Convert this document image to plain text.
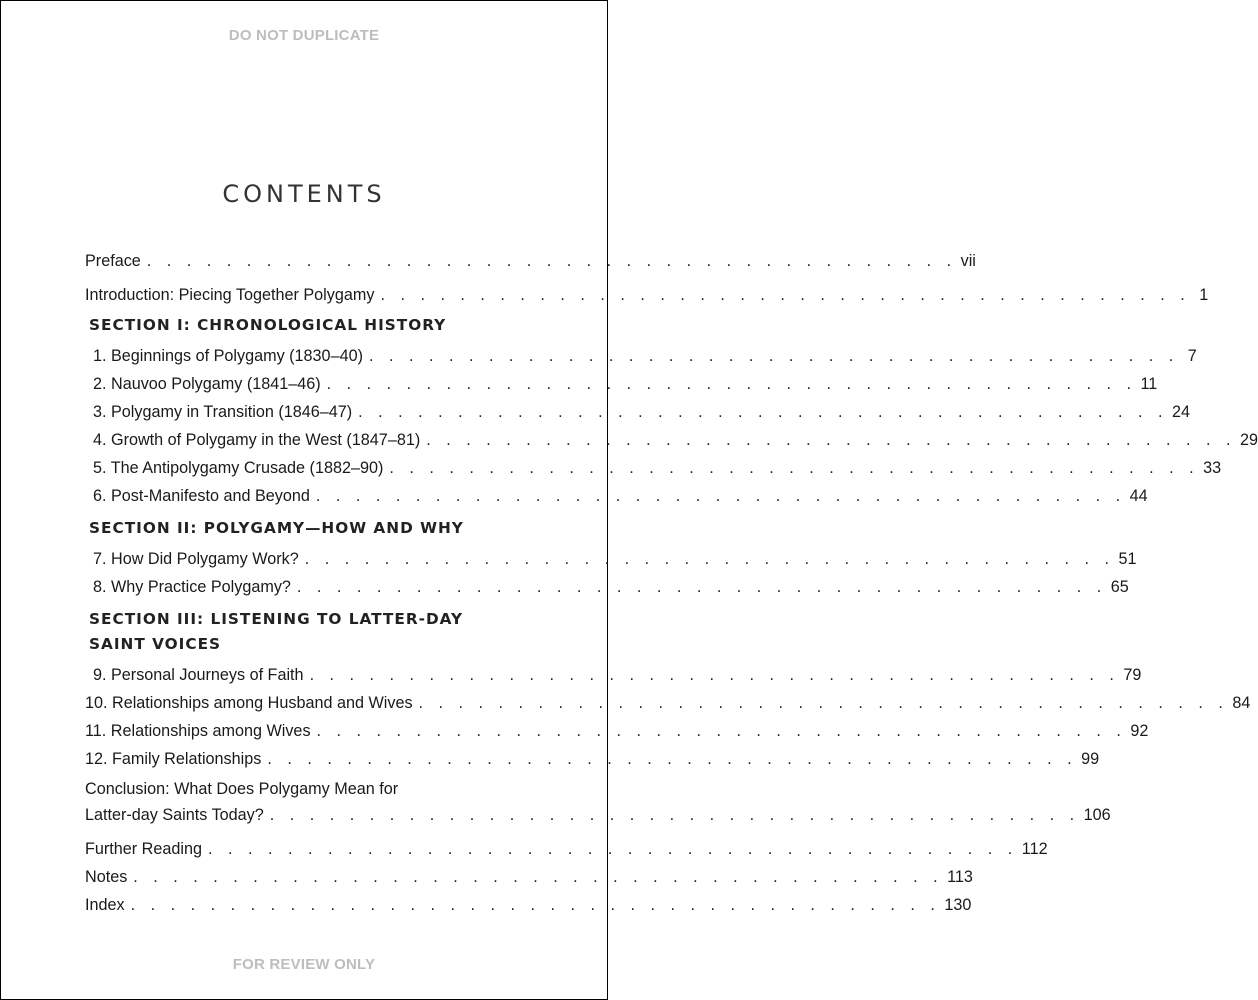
DO NOT DUPLICATE
CONTENTS
Preface . . . . . . . . . . . . . . . . . . . . . . . . . . . . . . . . . . . . . . . . . vii
Introduction: Piecing Together Polygamy . . . . . . . . . . . . . . . . . . . . . . . . . . . . . . . . . . . . . . . . . 1
SECTION I: CHRONOLOGICAL HISTORY
1. Beginnings of Polygamy (1830–40) . . . . . . . . . . . . . . . . . . . . . . . . . . . . . . . . . . . . . . . . . 7
2. Nauvoo Polygamy (1841–46) . . . . . . . . . . . . . . . . . . . . . . . . . . . . . . . . . . . . . . . . . 11
3. Polygamy in Transition (1846–47) . . . . . . . . . . . . . . . . . . . . . . . . . . . . . . . . . . . . . . . . . 24
4. Growth of Polygamy in the West (1847–81) . . . . . . . . . . . . . . . . . . . . . . . . . . . . . . . . . . . . . . . . . 29
5. The Antipolygamy Crusade (1882–90) . . . . . . . . . . . . . . . . . . . . . . . . . . . . . . . . . . . . . . . . . 33
6. Post-Manifesto and Beyond . . . . . . . . . . . . . . . . . . . . . . . . . . . . . . . . . . . . . . . . . 44
SECTION II: POLYGAMY—HOW AND WHY
7. How Did Polygamy Work? . . . . . . . . . . . . . . . . . . . . . . . . . . . . . . . . . . . . . . . . . 51
8. Why Practice Polygamy? . . . . . . . . . . . . . . . . . . . . . . . . . . . . . . . . . . . . . . . . . 65
SECTION III: LISTENING TO LATTER-DAY
SAINT VOICES
9. Personal Journeys of Faith . . . . . . . . . . . . . . . . . . . . . . . . . . . . . . . . . . . . . . . . . 79
10. Relationships among Husband and Wives . . . . . . . . . . . . . . . . . . . . . . . . . . . . . . . . . . . . . . . . . 84
11. Relationships among Wives . . . . . . . . . . . . . . . . . . . . . . . . . . . . . . . . . . . . . . . . . 92
12. Family Relationships . . . . . . . . . . . . . . . . . . . . . . . . . . . . . . . . . . . . . . . . . 99
Conclusion: What Does Polygamy Mean for
Latter-day Saints Today? . . . . . . . . . . . . . . . . . . . . . . . . . . . . . . . . . . . . . . . . . 106
Further Reading . . . . . . . . . . . . . . . . . . . . . . . . . . . . . . . . . . . . . . . . . 112
Notes . . . . . . . . . . . . . . . . . . . . . . . . . . . . . . . . . . . . . . . . . 113
Index . . . . . . . . . . . . . . . . . . . . . . . . . . . . . . . . . . . . . . . . . 130
FOR REVIEW ONLY
